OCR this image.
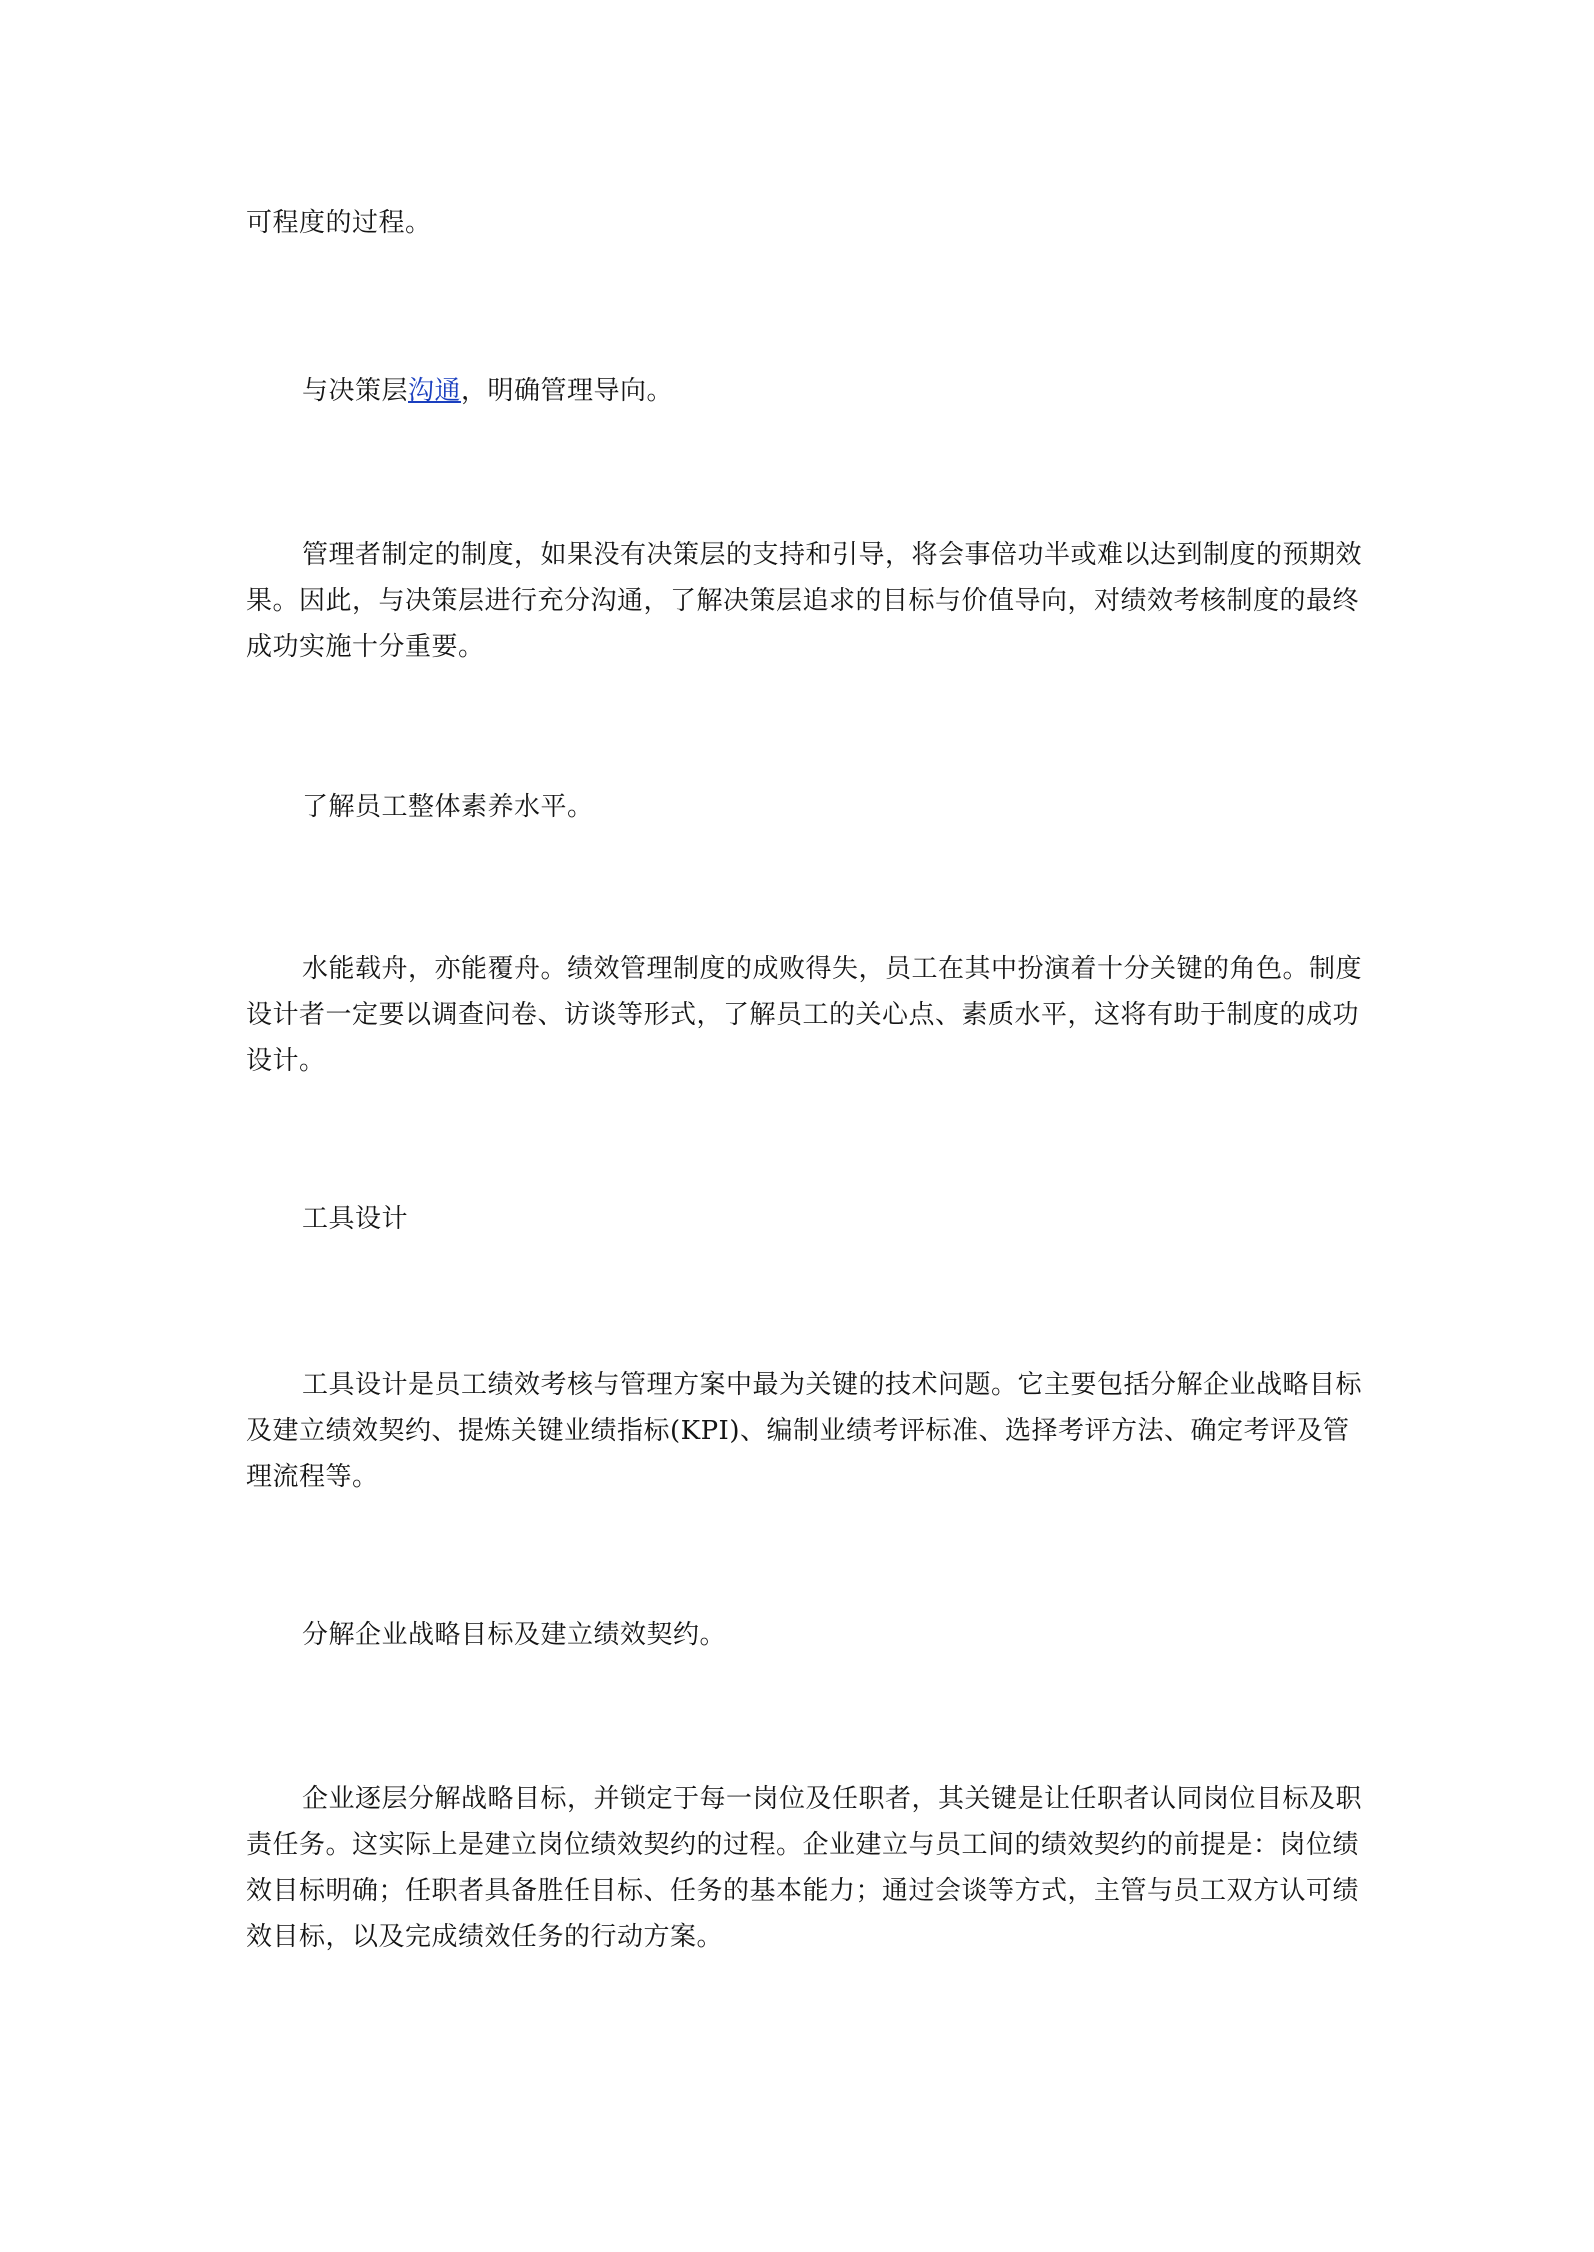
可程度的过程。

与决策层沟通，明确管理导向。

管理者制定的制度，如果没有决策层的支持和引导，将会事倍功半或难以达到制度的预期效果。因此，与决策层进行充分沟通，了解决策层追求的目标与价值导向，对绩效考核制度的最终成功实施十分重要。

了解员工整体素养水平。

水能载舟，亦能覆舟。绩效管理制度的成败得失，员工在其中扮演着十分关键的角色。制度设计者一定要以调查问卷、访谈等形式，了解员工的关心点、素质水平，这将有助于制度的成功设计。

工具设计

工具设计是员工绩效考核与管理方案中最为关键的技术问题。它主要包括分解企业战略目标及建立绩效契约、提炼关键业绩指标(KPI)、编制业绩考评标准、选择考评方法、确定考评及管理流程等。

分解企业战略目标及建立绩效契约。

企业逐层分解战略目标，并锁定于每一岗位及任职者，其关键是让任职者认同岗位目标及职责任务。这实际上是建立岗位绩效契约的过程。企业建立与员工间的绩效契约的前提是：岗位绩效目标明确；任职者具备胜任目标、任务的基本能力；通过会谈等方式，主管与员工双方认可绩效目标，以及完成绩效任务的行动方案。
